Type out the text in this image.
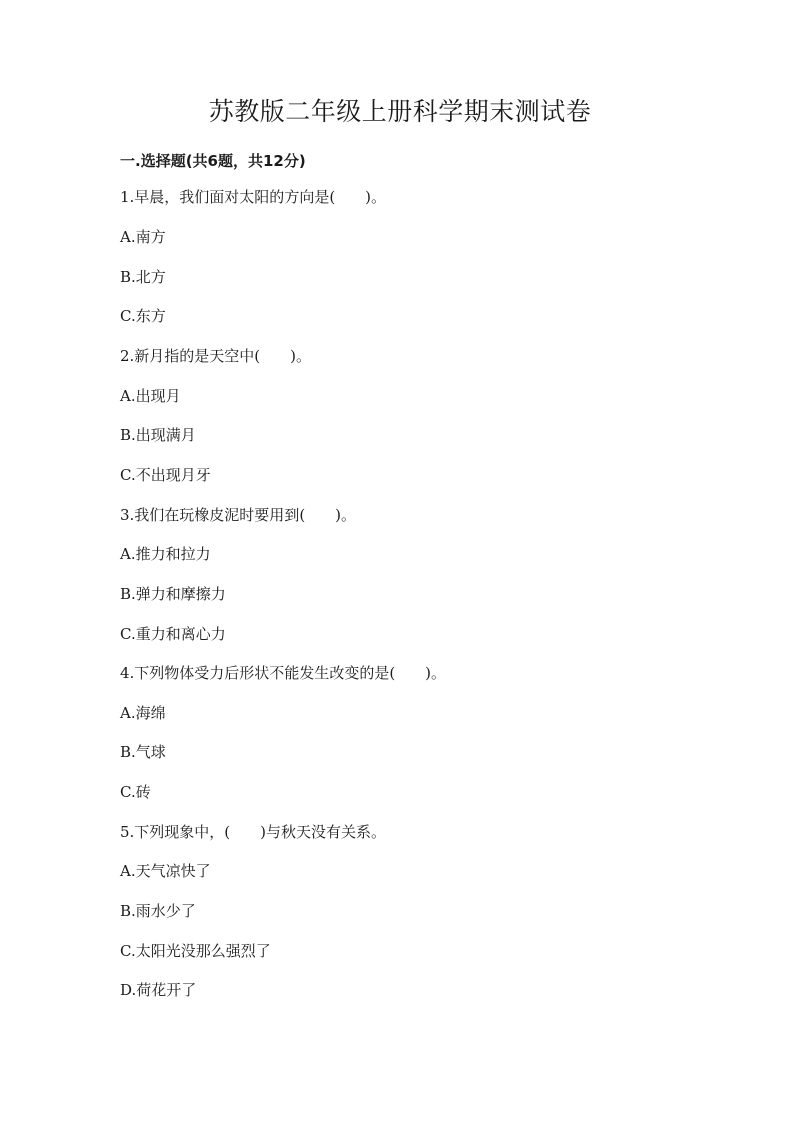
苏教版二年级上册科学期末测试卷
一.选择题(共6题，共12分)
1.早晨，我们面对太阳的方向是(　　)。
A.南方
B.北方
C.东方
2.新月指的是天空中(　　)。
A.出现月
B.出现满月
C.不出现月牙
3.我们在玩橡皮泥时要用到(　　)。
A.推力和拉力
B.弹力和摩擦力
C.重力和离心力
4.下列物体受力后形状不能发生改变的是(　　)。
A.海绵
B.气球
C.砖
5.下列现象中，(　　)与秋天没有关系。
A.天气凉快了
B.雨水少了
C.太阳光没那么强烈了
D.荷花开了
